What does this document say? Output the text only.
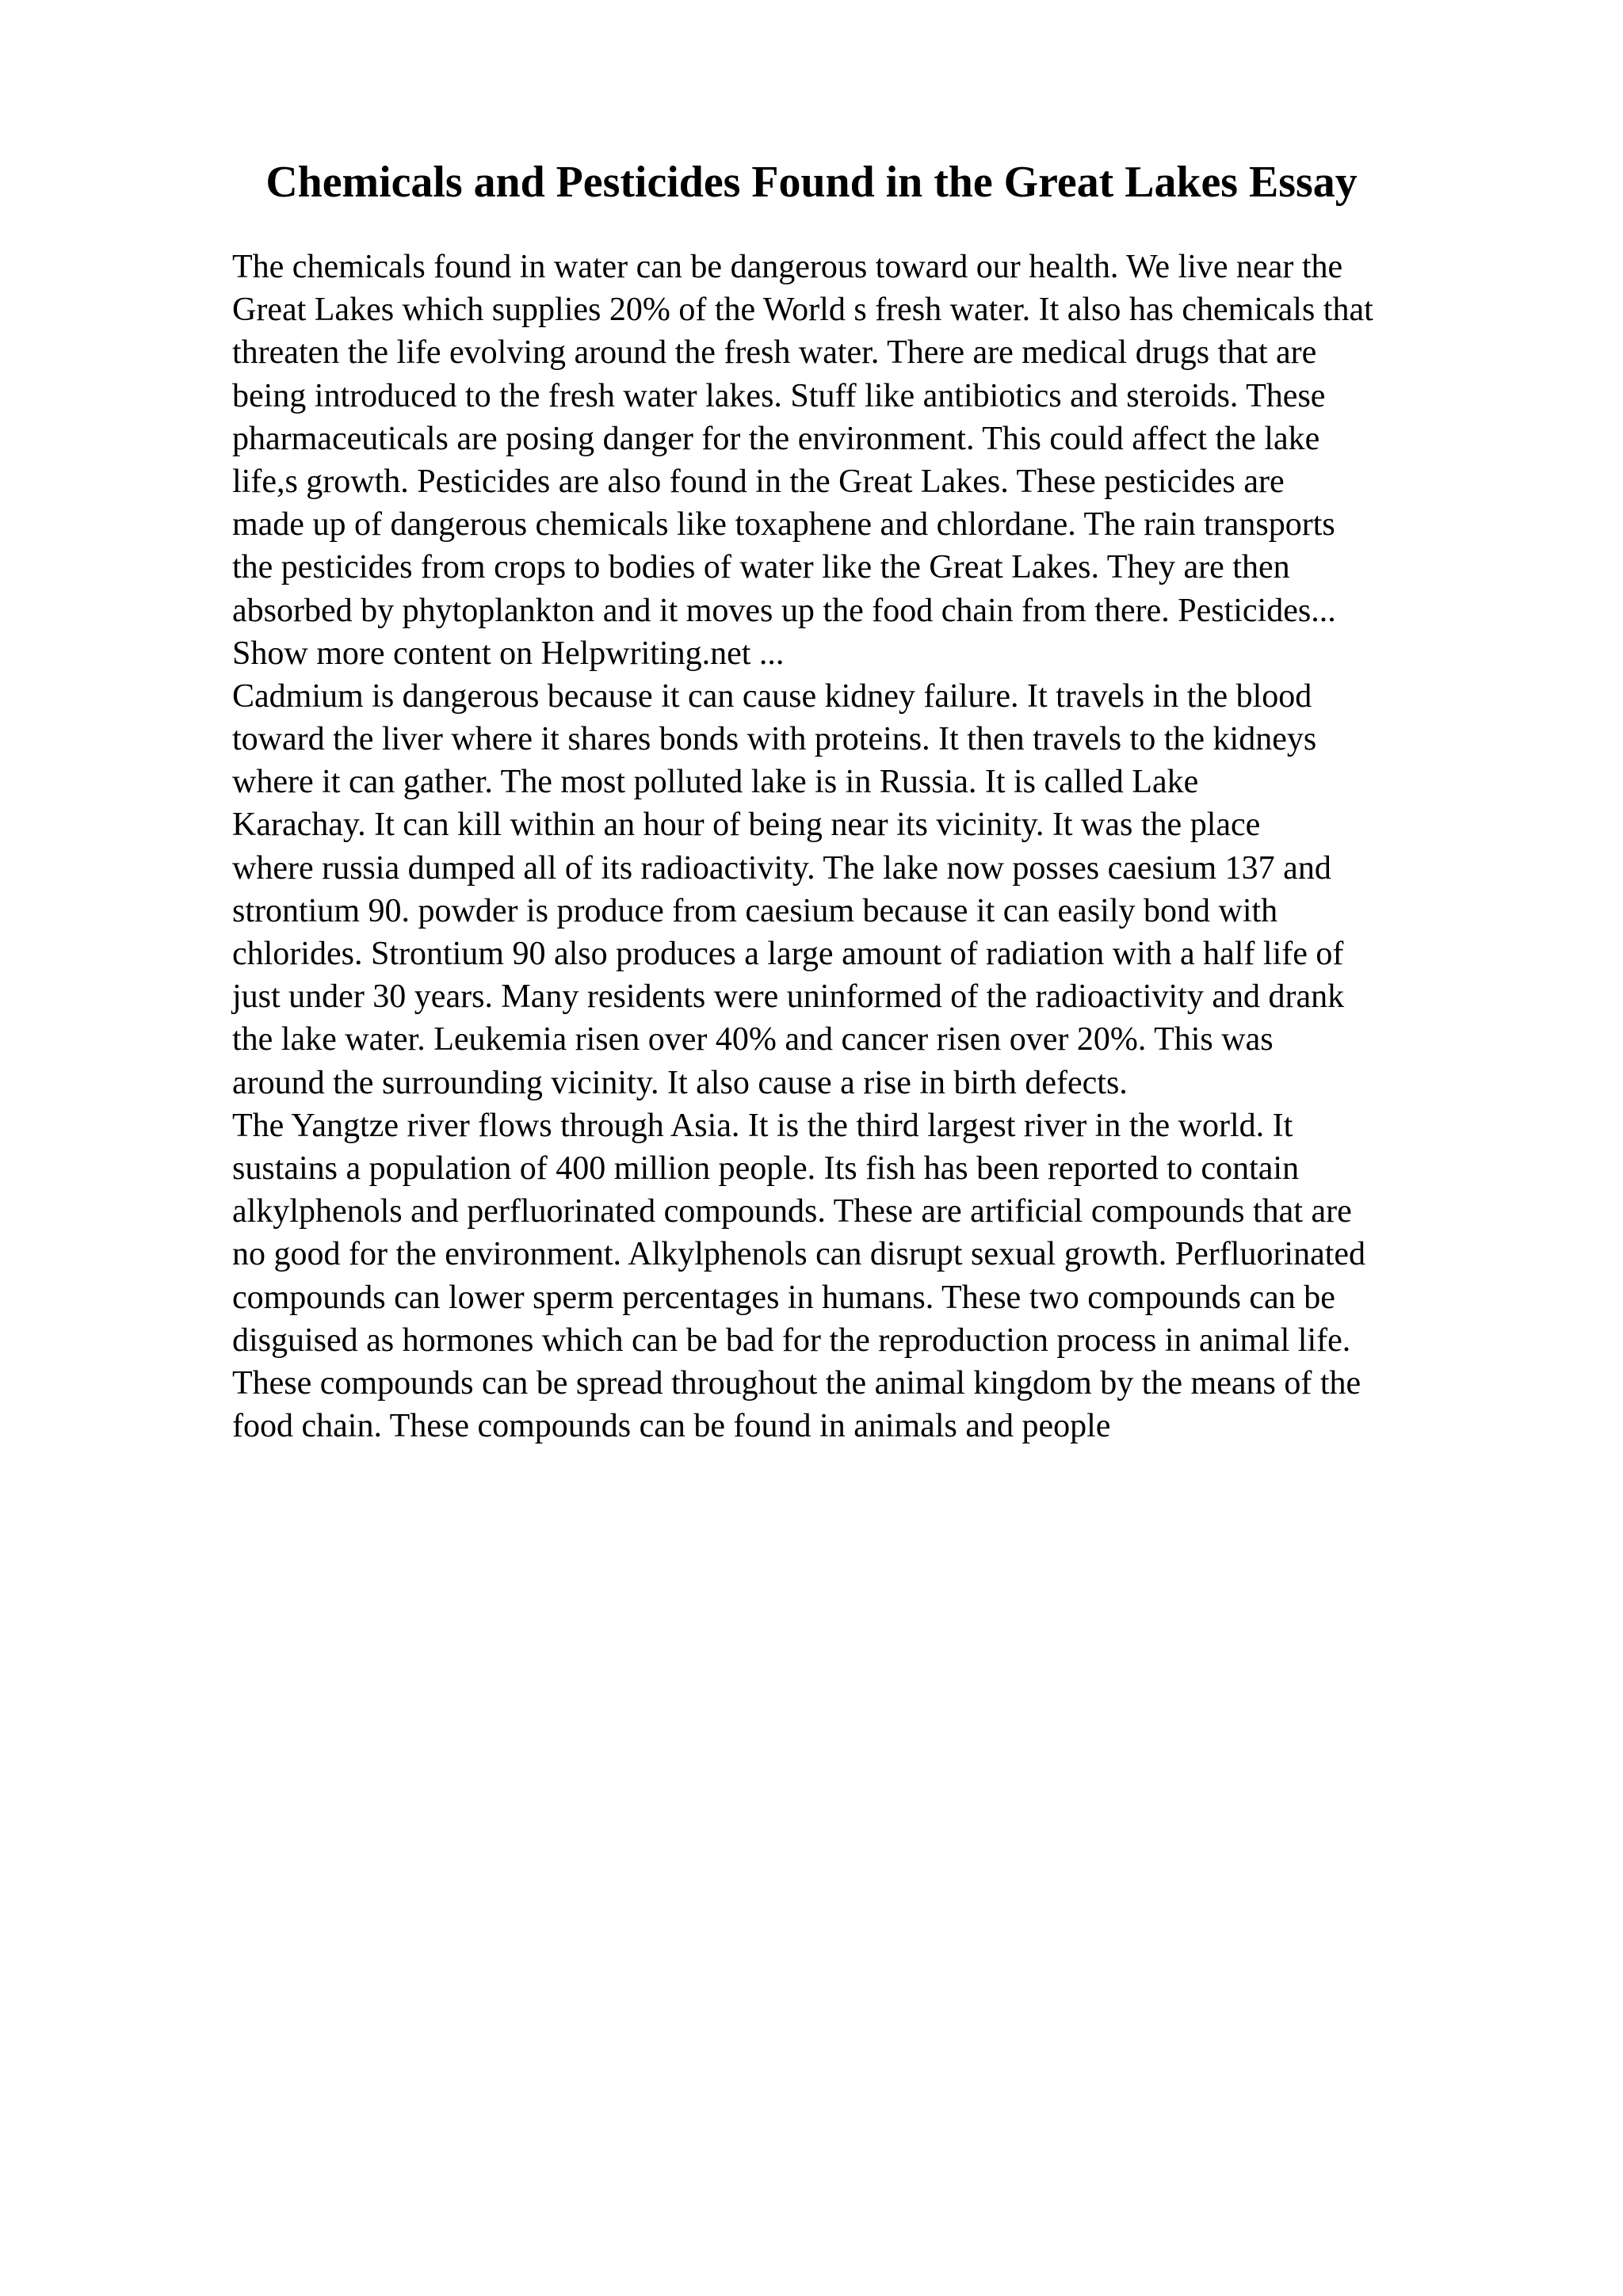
Chemicals and Pesticides Found in the Great Lakes Essay
The chemicals found in water can be dangerous toward our health. We live near the
Great Lakes which supplies 20% of the World s fresh water. It also has chemicals that
threaten the life evolving around the fresh water. There are medical drugs that are
being introduced to the fresh water lakes. Stuff like antibiotics and steroids. These
pharmaceuticals are posing danger for the environment. This could affect the lake
life,s growth. Pesticides are also found in the Great Lakes. These pesticides are
made up of dangerous chemicals like toxaphene and chlordane. The rain transports
the pesticides from crops to bodies of water like the Great Lakes. They are then
absorbed by phytoplankton and it moves up the food chain from there. Pesticides...
Show more content on Helpwriting.net ...
Cadmium is dangerous because it can cause kidney failure. It travels in the blood
toward the liver where it shares bonds with proteins. It then travels to the kidneys
where it can gather. The most polluted lake is in Russia. It is called Lake
Karachay. It can kill within an hour of being near its vicinity. It was the place
where russia dumped all of its radioactivity. The lake now posses caesium 137 and
strontium 90. powder is produce from caesium because it can easily bond with
chlorides. Strontium 90 also produces a large amount of radiation with a half life of
just under 30 years. Many residents were uninformed of the radioactivity and drank
the lake water. Leukemia risen over 40% and cancer risen over 20%. This was
around the surrounding vicinity. It also cause a rise in birth defects.
The Yangtze river flows through Asia. It is the third largest river in the world. It
sustains a population of 400 million people. Its fish has been reported to contain
alkylphenols and perfluorinated compounds. These are artificial compounds that are
no good for the environment. Alkylphenols can disrupt sexual growth. Perfluorinated
compounds can lower sperm percentages in humans. These two compounds can be
disguised as hormones which can be bad for the reproduction process in animal life.
These compounds can be spread throughout the animal kingdom by the means of the
food chain. These compounds can be found in animals and people
